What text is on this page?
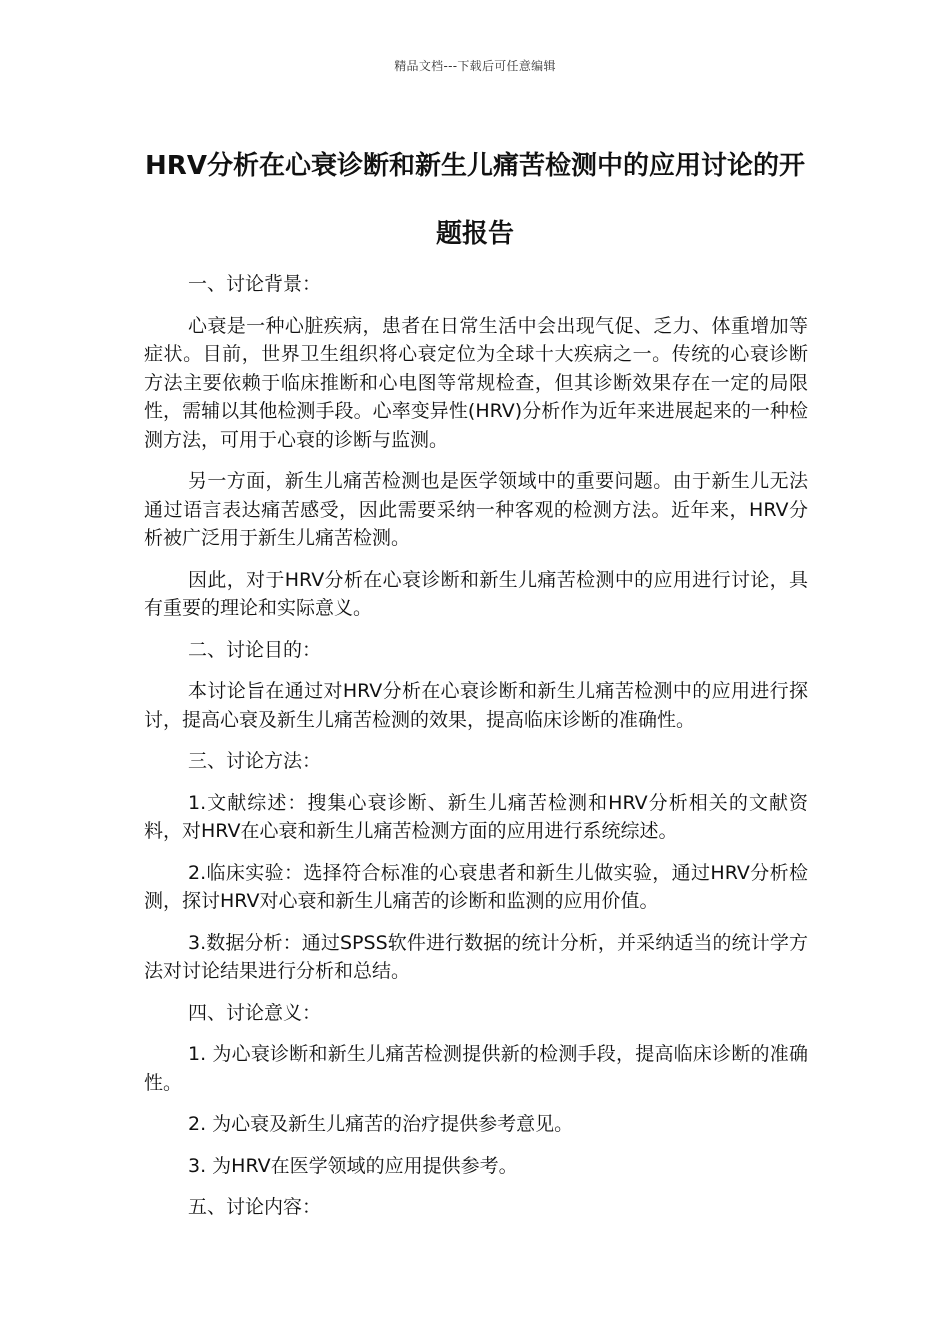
精品文档---下载后可任意编辑
HRV分析在心衰诊断和新生儿痛苦检测中的应用讨论的开题报告

一、讨论背景：

心衰是一种心脏疾病，患者在日常生活中会出现气促、乏力、体重增加等症状。目前，世界卫生组织将心衰定位为全球十大疾病之一。传统的心衰诊断方法主要依赖于临床推断和心电图等常规检查，但其诊断效果存在一定的局限性，需辅以其他检测手段。心率变异性(HRV)分析作为近年来进展起来的一种检测方法，可用于心衰的诊断与监测。

另一方面，新生儿痛苦检测也是医学领域中的重要问题。由于新生儿无法通过语言表达痛苦感受，因此需要采纳一种客观的检测方法。近年来，HRV分析被广泛用于新生儿痛苦检测。

因此，对于HRV分析在心衰诊断和新生儿痛苦检测中的应用进行讨论，具有重要的理论和实际意义。

二、讨论目的：

本讨论旨在通过对HRV分析在心衰诊断和新生儿痛苦检测中的应用进行探讨，提高心衰及新生儿痛苦检测的效果，提高临床诊断的准确性。

三、讨论方法：

1.文献综述：搜集心衰诊断、新生儿痛苦检测和HRV分析相关的文献资料，对HRV在心衰和新生儿痛苦检测方面的应用进行系统综述。

2.临床实验：选择符合标准的心衰患者和新生儿做实验，通过HRV分析检测，探讨HRV对心衰和新生儿痛苦的诊断和监测的应用价值。

3.数据分析：通过SPSS软件进行数据的统计分析，并采纳适当的统计学方法对讨论结果进行分析和总结。

四、讨论意义：

1. 为心衰诊断和新生儿痛苦检测提供新的检测手段，提高临床诊断的准确性。

2. 为心衰及新生儿痛苦的治疗提供参考意见。

3. 为HRV在医学领域的应用提供参考。

五、讨论内容：
